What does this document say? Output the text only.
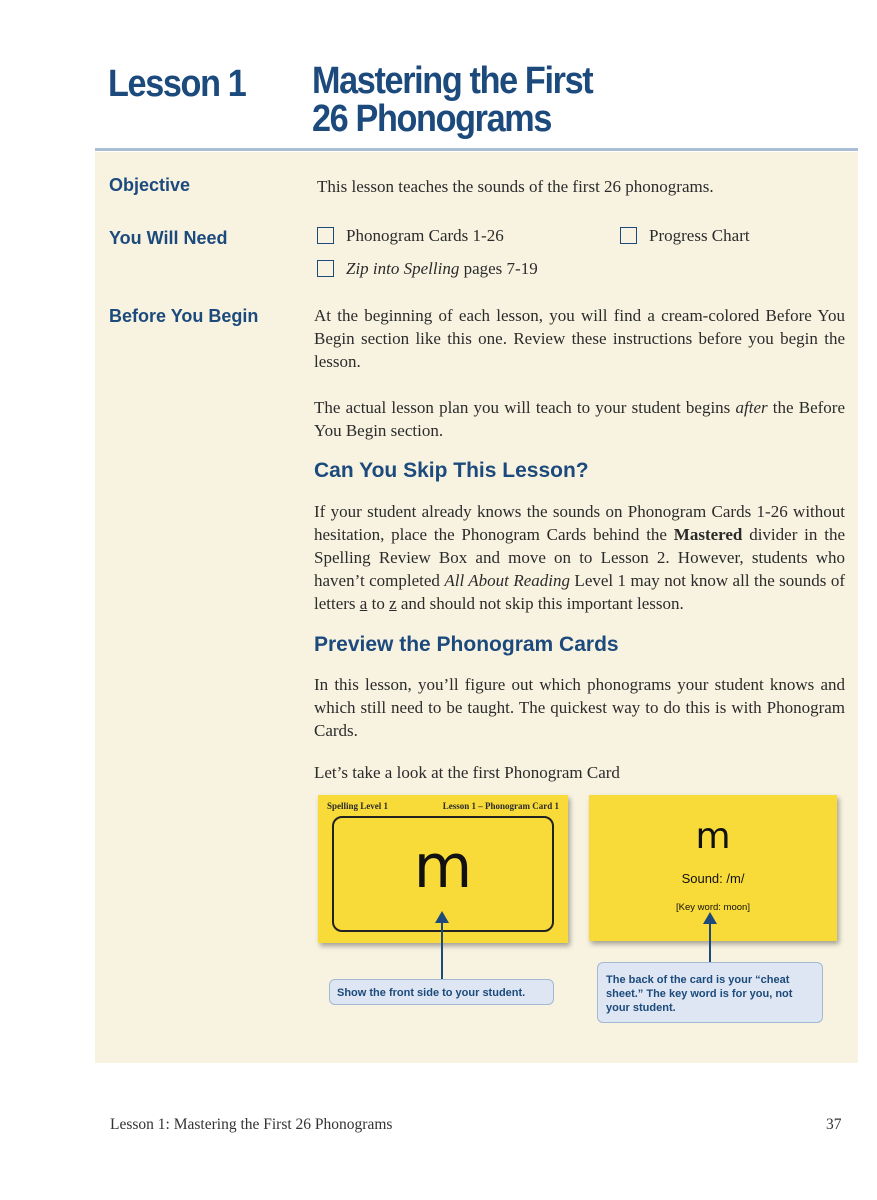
Lesson 1 Mastering the First
26 Phonograms
Objective	This lesson teaches the sounds of the first 26 phonograms.
You Will Need	Phonogram Cards 1-26	Progress Chart
Zip into Spelling pages 7-19
Before You Begin	At the beginning of each lesson, you will find a cream-colored Before You Begin section like this one. Review these instructions before you begin the lesson.
The actual lesson plan you will teach to your student begins after the Before You Begin section.
Can You Skip This Lesson?
If your student already knows the sounds on Phonogram Cards 1-26 without hesitation, place the Phonogram Cards behind the Mastered divider in the Spelling Review Box and move on to Lesson 2. However, students who haven’t completed All About Reading Level 1 may not know all the sounds of letters a to z and should not skip this important lesson.
Preview the Phonogram Cards
In this lesson, you’ll figure out which phonograms your student knows and which still need to be taught. The quickest way to do this is with Phonogram Cards.
Let’s take a look at the first Phonogram Card
Spelling Level 1	Lesson 1 – Phonogram Card 1
m	m
Sound: /m/
[Key word: moon]
Show the front side to your student.
The back of the card is your “cheat sheet.” The key word is for you, not your student.
Lesson 1: Mastering the First 26 Phonograms	37
